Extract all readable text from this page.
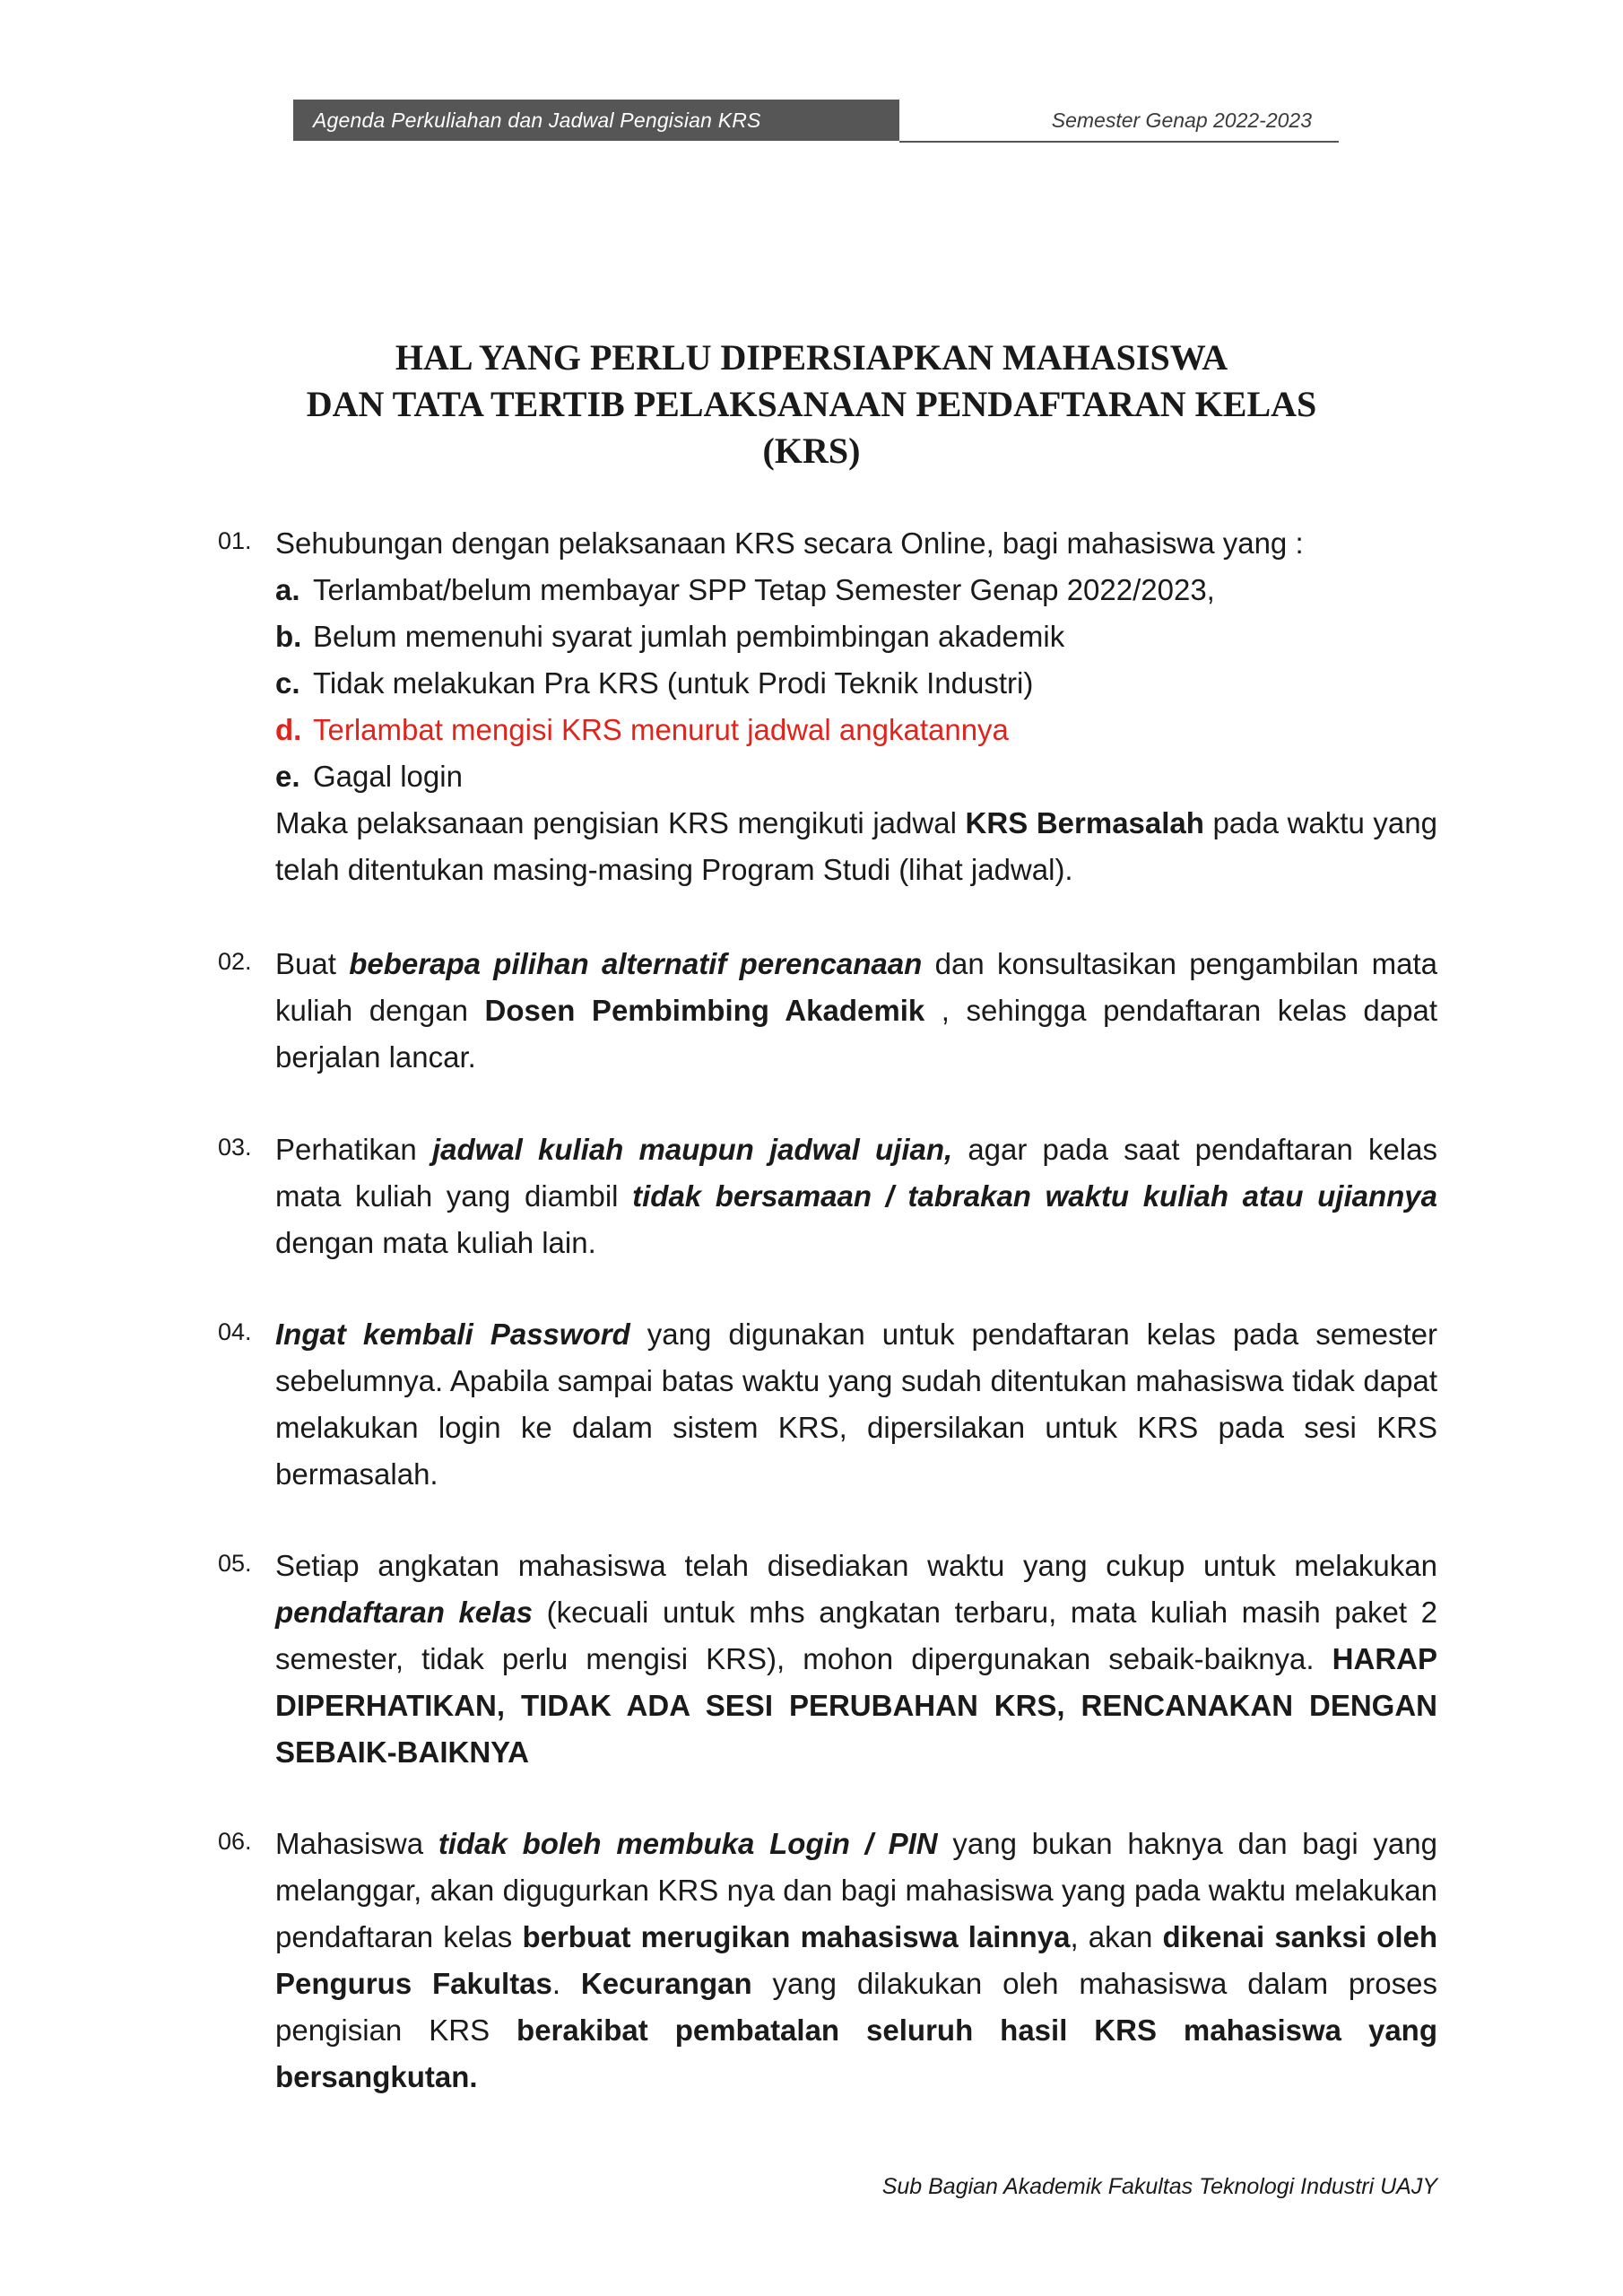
Agenda Perkuliahan dan Jadwal Pengisian KRS	Semester Genap 2022-2023
HAL YANG PERLU DIPERSIAPKAN MAHASISWA
DAN TATA TERTIB PELAKSANAAN PENDAFTARAN KELAS
(KRS)
01. Sehubungan dengan pelaksanaan KRS secara Online, bagi mahasiswa yang :
a. Terlambat/belum membayar SPP Tetap Semester Genap 2022/2023,
b. Belum memenuhi syarat jumlah pembimbingan akademik
c. Tidak melakukan Pra KRS (untuk Prodi Teknik Industri)
d. Terlambat mengisi KRS menurut jadwal angkatannya
e. Gagal login
Maka pelaksanaan pengisian KRS mengikuti jadwal KRS Bermasalah pada waktu yang telah ditentukan masing-masing Program Studi (lihat jadwal).
02. Buat beberapa pilihan alternatif perencanaan dan konsultasikan pengambilan mata kuliah dengan Dosen Pembimbing Akademik , sehingga pendaftaran kelas dapat berjalan lancar.
03. Perhatikan jadwal kuliah maupun jadwal ujian, agar pada saat pendaftaran kelas mata kuliah yang diambil tidak bersamaan / tabrakan waktu kuliah atau ujiannya dengan mata kuliah lain.
04. Ingat kembali Password yang digunakan untuk pendaftaran kelas pada semester sebelumnya. Apabila sampai batas waktu yang sudah ditentukan mahasiswa tidak dapat melakukan login ke dalam sistem KRS, dipersilakan untuk KRS pada sesi KRS bermasalah.
05. Setiap angkatan mahasiswa telah disediakan waktu yang cukup untuk melakukan pendaftaran kelas (kecuali untuk mhs angkatan terbaru, mata kuliah masih paket 2 semester, tidak perlu mengisi KRS), mohon dipergunakan sebaik-baiknya. HARAP DIPERHATIKAN, TIDAK ADA SESI PERUBAHAN KRS, RENCANAKAN DENGAN SEBAIK-BAIKNYA
06. Mahasiswa tidak boleh membuka Login / PIN yang bukan haknya dan bagi yang melanggar, akan digugurkan KRS nya dan bagi mahasiswa yang pada waktu melakukan pendaftaran kelas berbuat merugikan mahasiswa lainnya, akan dikenai sanksi oleh Pengurus Fakultas. Kecurangan yang dilakukan oleh mahasiswa dalam proses pengisian KRS berakibat pembatalan seluruh hasil KRS mahasiswa yang bersangkutan.
Sub Bagian Akademik Fakultas Teknologi Industri UAJY
